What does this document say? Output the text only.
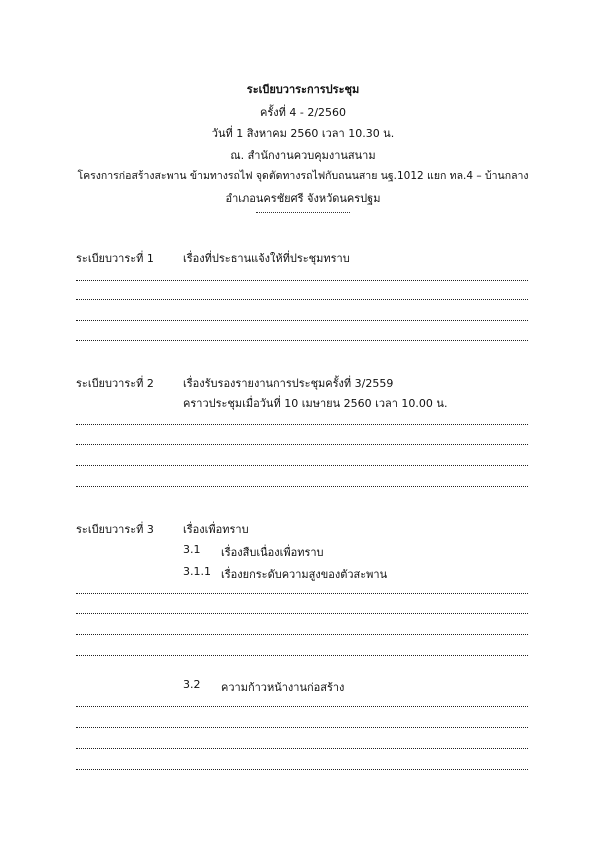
ระเบียบวาระการประชุม
ครั้งที่ 4 - 2/2560
วันที่ 1 สิงหาคม 2560 เวลา 10.30 น.
ณ. สำนักงานควบคุมงานสนาม
โครงการก่อสร้างสะพาน ข้ามทางรถไฟ จุดตัดทางรถไฟกับถนนสาย นฐ.1012 แยก ทล.4 – บ้านกลาง
อำเภอนครชัยศรี จังหวัดนครปฐม
ระเบียบวาระที่ 1	เรื่องที่ประธานแจ้งให้ที่ประชุมทราบ
ระเบียบวาระที่ 2	เรื่องรับรองรายงานการประชุมครั้งที่ 3/2559
คราวประชุมเมื่อวันที่ 10 เมษายน 2560 เวลา 10.00 น.
ระเบียบวาระที่ 3	เรื่องเพื่อทราบ
3.1 เรื่องสืบเนื่องเพื่อทราบ
3.1.1 เรื่องยกระดับความสูงของตัวสะพาน
3.2 ความก้าวหน้างานก่อสร้าง
